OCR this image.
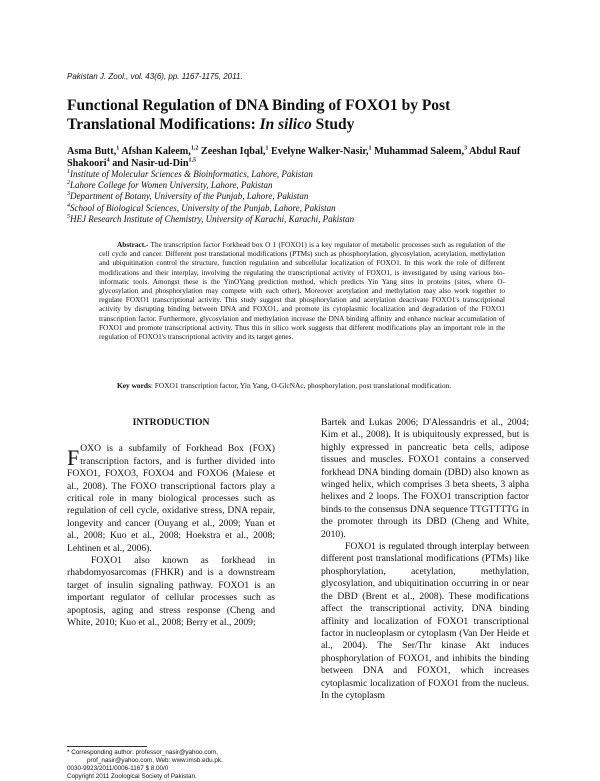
Pakistan J. Zool., vol. 43(6), pp. 1167-1175, 2011.
Functional Regulation of DNA Binding of FOXO1 by Post
Translational Modifications: In silico Study
Asma Butt,$^1$ Afshan Kaleem,$^{1,2}$ Zeeshan Iqbal,$^1$ Evelyne Walker-Nasir,$^1$ Muhammad Saleem,$^3$ Abdul Rauf Shakoori$^4$ and Nasir-ud-Din$^{1,5}$
$^1$Institute of Molecular Sciences & Bioinformatics, Lahore, Pakistan
$^2$Lahore College for Women University, Lahore, Pakistan
$^3$Department of Botany, University of the Punjab, Lahore, Pakistan
$^4$School of Biological Sciences, University of the Punjab, Lahore, Pakistan
$^5$HEJ Research Institute of Chemistry, University of Karachi, Karachi, Pakistan
Abstract.- The transcription factor Forkhead box O 1 (FOXO1) is a key regulator of metabolic processes such as regulation of the cell cycle and cancer. Different post translational modifications (PTMs) such as phosphorylation, glycosylation, acetylation, methylation and ubiquitination control the structure, function regulation and subcellular localization of FOXO1. In this work the role of different modifications and their interplay, involving the regulating the transcriptional activity of FOXO1, is investigated by using various bio-informatic tools. Amongst these is the YinOYang prediction method, which predicts Yin Yang sites in proteins (sites, where O-glycosylation and phosphorylation may compete with each other). Moreover acetylation and methylation may also work together to regulate FOXO1 transcriptional activity. This study suggest that phosphorylation and acetylation deactivate FOXO1's transcriptional activity by disrupting binding between DNA and FOXO1, and promote its cytoplasmic localization and degradation of the FOXO1 transcription factor. Furthermore, glycosylation and methylation increase the DNA binding affinity and enhance nuclear accumulation of FOXO1 and promote transcriptional activity. Thus this in silico work suggests that different modifications play an important role in the regulation of FOXO1's transcriptional activity and its target genes.
Key words: FOXO1 transcription factor, Yin Yang, O-GlcNAc, phosphorylation, post translational modification.
INTRODUCTION

FOXO is a subfamily of Forkhead Box (FOX) transcription factors, and is further divided into FOXO1, FOXO3, FOXO4 and FOXO6 (Maiese et al., 2008). The FOXO transcriptional factors play a critical role in many biological processes such as regulation of cell cycle, oxidative stress, DNA repair, longevity and cancer (Ouyang et al., 2009; Yuan et al., 2008; Kuo et al., 2008; Hoekstra et al., 2008; Lehtinen et al., 2006).

FOXO1 also known as forkhead in rhabdomyosarcomas (FHKR) and is a downstream target of insulin signaling pathway. FOXO1 is an important regulator of cellular processes such as apoptosis, aging and stress response (Cheng and White, 2010; Kuo et al., 2008; Berry et al., 2009;

Bartek and Lukas 2006; D'Alessandris et al., 2004; Kim et al., 2008). It is ubiquitously expressed, but is highly expressed in pancreatic beta cells, adipose tissues and muscles. FOXO1 contains a conserved forkhead DNA binding domain (DBD) also known as winged helix, which comprises 3 beta sheets, 3 alpha helixes and 2 loops. The FOXO1 transcription factor binds to the consensus DNA sequence TTGTTTTG in the promoter through its DBD (Cheng and White, 2010).

FOXO1 is regulated through interplay between different post translational modifications (PTMs) like phosphorylation, acetylation, methylation, glycosylation, and ubiquitination occurring in or near the DBD (Brent et al., 2008). These modifications affect the transcriptional activity, DNA binding affinity and localization of FOXO1 transcriptional factor in nucleoplasm or cytoplasm (Van Der Heide et al., 2004). The Ser/Thr kinase Akt induces phosphorylation of FOXO1, and inhibits the binding between DNA and FOXO1, which increases cytoplasmic localization of FOXO1 from the nucleus. In the cytoplasm

* Corresponding author: professor_nasir@yahoo.com,
prof_nasir@yahoo.com, Web: www.imsb.edu.pk.
0030-9923/2011/0006-1167 $ 8.00/0
Copyright 2011 Zoological Society of Pakistan.
